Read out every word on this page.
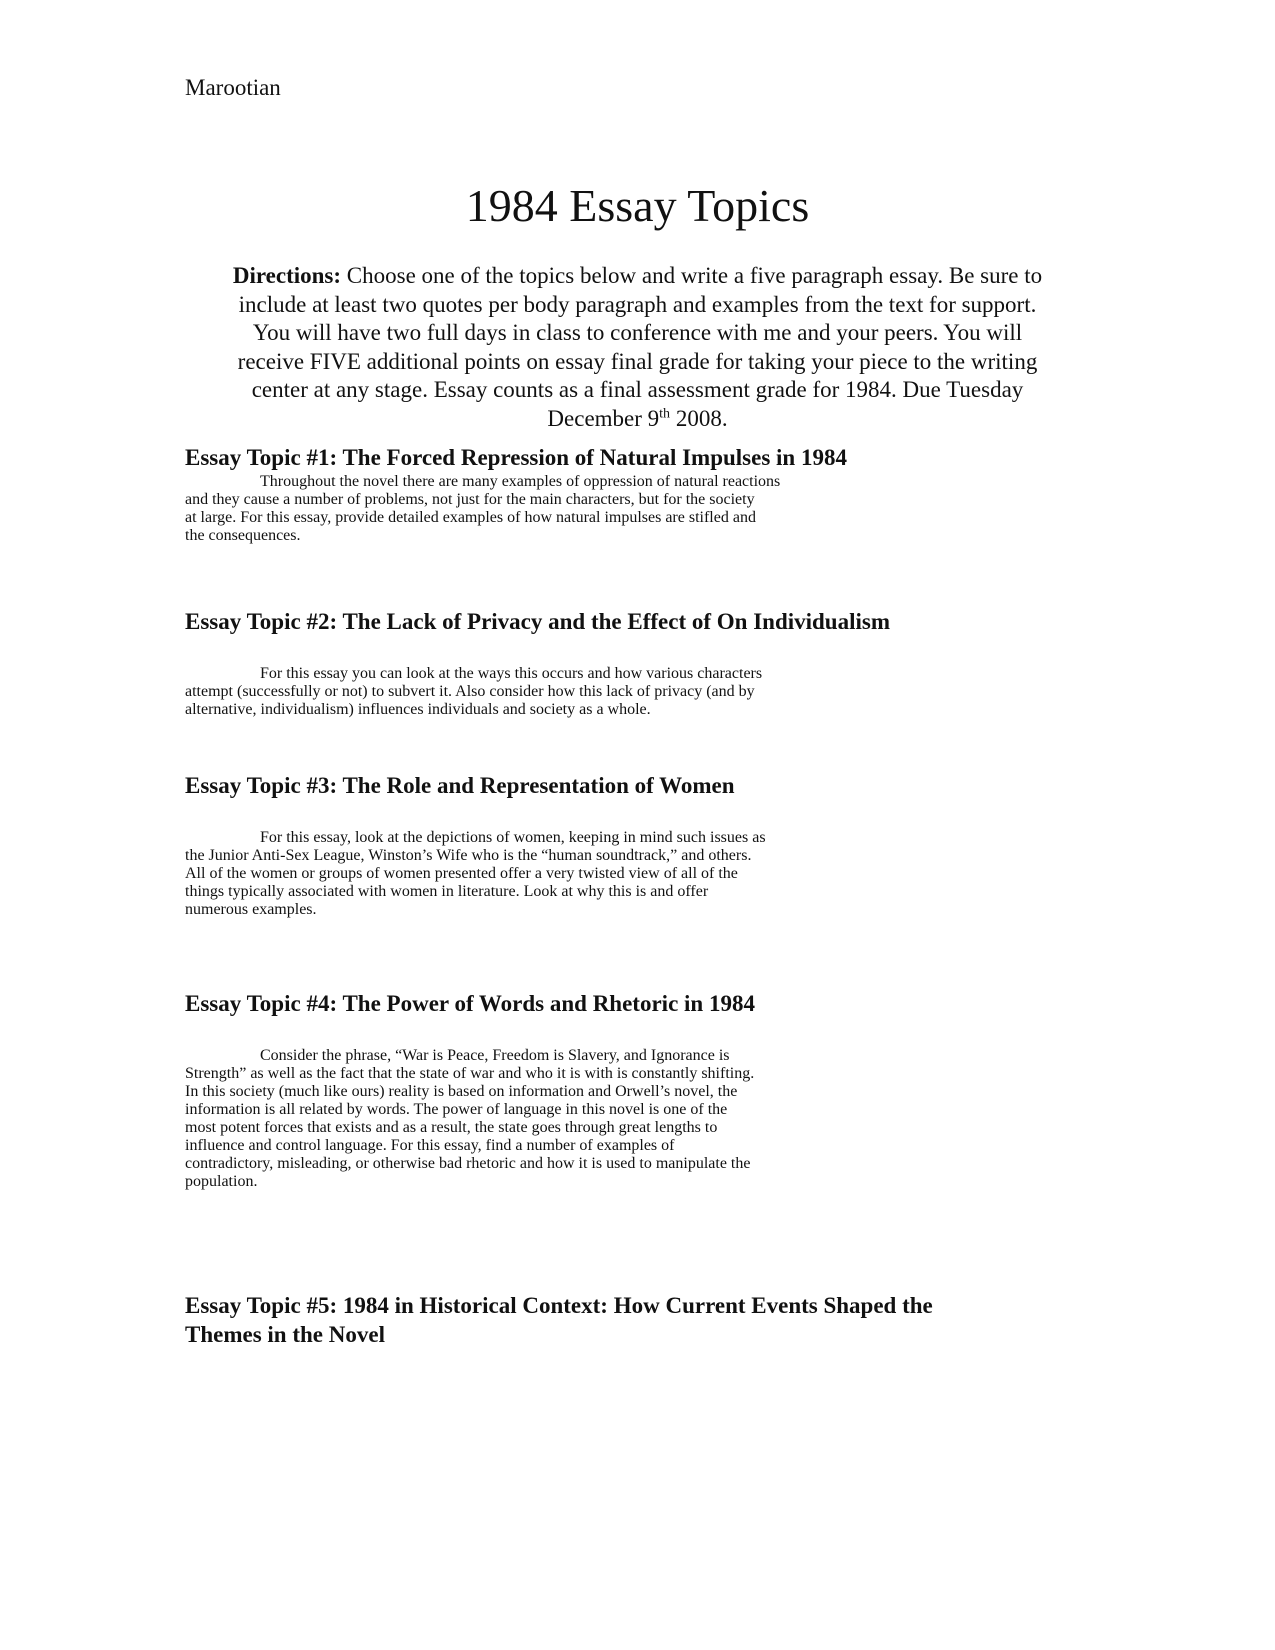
Marootian
1984 Essay Topics
Directions: Choose one of the topics below and write a five paragraph essay. Be sure to
include at least two quotes per body paragraph and examples from the text for support.
You will have two full days in class to conference with me and your peers. You will
receive FIVE additional points on essay final grade for taking your piece to the writing
center at any stage. Essay counts as a final assessment grade for 1984. Due Tuesday
December 9th 2008.

Essay Topic #1: The Forced Repression of Natural Impulses in 1984

Throughout the novel there are many examples of oppression of natural reactions
and they cause a number of problems, not just for the main characters, but for the society
at large. For this essay, provide detailed examples of how natural impulses are stifled and
the consequences.

Essay Topic #2: The Lack of Privacy and the Effect of On Individualism

For this essay you can look at the ways this occurs and how various characters
attempt (successfully or not) to subvert it. Also consider how this lack of privacy (and by
alternative, individualism) influences individuals and society as a whole.

Essay Topic #3: The Role and Representation of Women

For this essay, look at the depictions of women, keeping in mind such issues as
the Junior Anti-Sex League, Winston’s Wife who is the “human soundtrack,” and others.
All of the women or groups of women presented offer a very twisted view of all of the
things typically associated with women in literature. Look at why this is and offer
numerous examples.

Essay Topic #4: The Power of Words and Rhetoric in 1984

Consider the phrase, “War is Peace, Freedom is Slavery, and Ignorance is
Strength” as well as the fact that the state of war and who it is with is constantly shifting.
In this society (much like ours) reality is based on information and Orwell’s novel, the
information is all related by words. The power of language in this novel is one of the
most potent forces that exists and as a result, the state goes through great lengths to
influence and control language. For this essay, find a number of examples of
contradictory, misleading, or otherwise bad rhetoric and how it is used to manipulate the
population.
Essay Topic #5: 1984 in Historical Context: How Current Events Shaped the
Themes in the Novel
